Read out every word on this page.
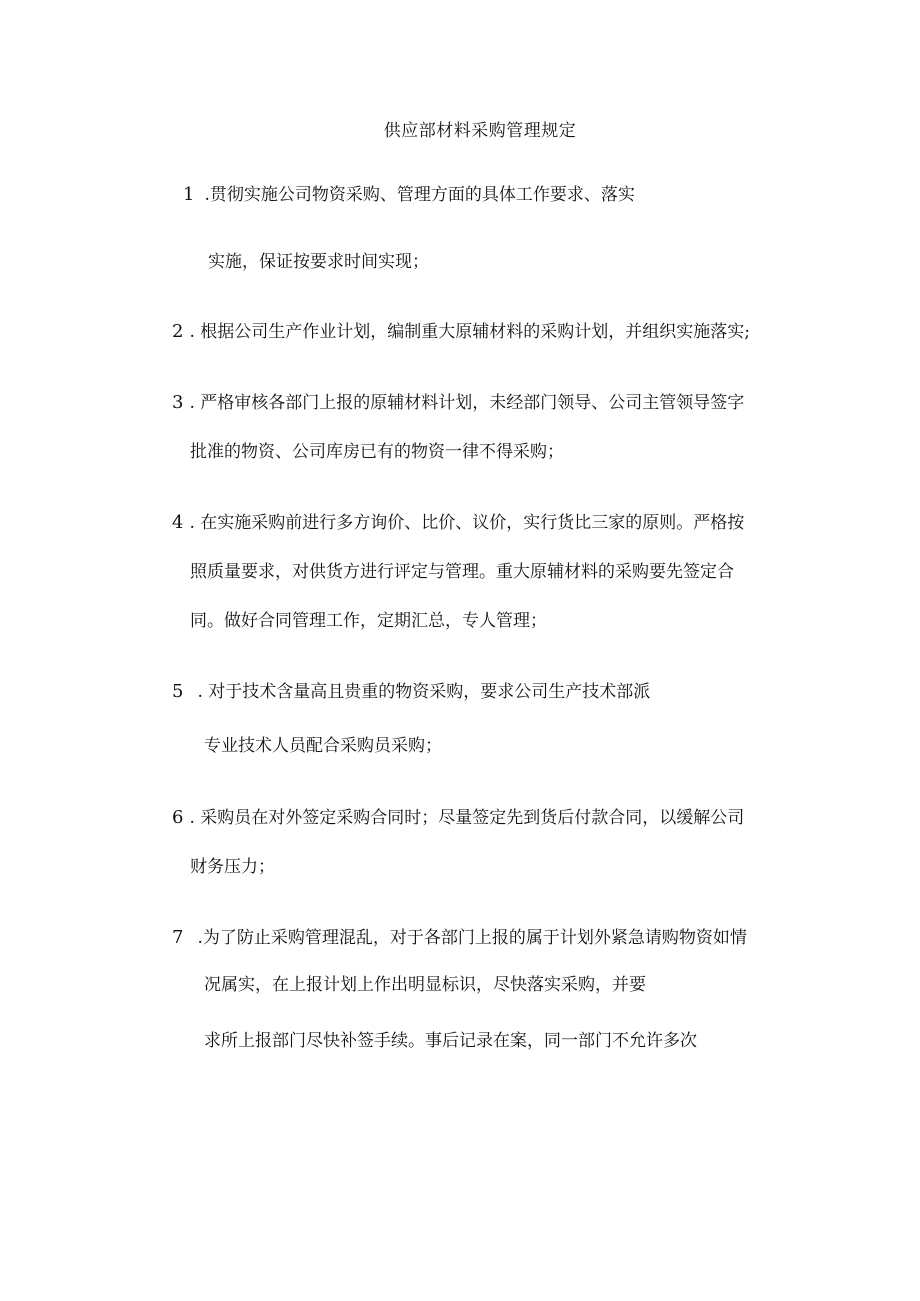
供应部材料采购管理规定
1 .贯彻实施公司物资采购、管理方面的具体工作要求、落实
实施，保证按要求时间实现；
2 . 根据公司生产作业计划，编制重大原辅材料的采购计划，并组织实施落实;
3 . 严格审核各部门上报的原辅材料计划，未经部门领导、公司主管领导签字
批准的物资、公司库房已有的物资一律不得采购；
4 . 在实施采购前进行多方询价、比价、议价，实行货比三家的原则。严格按
照质量要求，对供货方进行评定与管理。重大原辅材料的采购要先签定合
同。做好合同管理工作，定期汇总，专人管理；
5 . 对于技术含量高且贵重的物资采购，要求公司生产技术部派
专业技术人员配合采购员采购；
6 . 采购员在对外签定采购合同时；尽量签定先到货后付款合同，以缓解公司
财务压力；
7 .为了防止采购管理混乱，对于各部门上报的属于计划外紧急请购物资如情
况属实，在上报计划上作出明显标识，尽快落实采购，并要
求所上报部门尽快补签手续。事后记录在案，同一部门不允许多次
